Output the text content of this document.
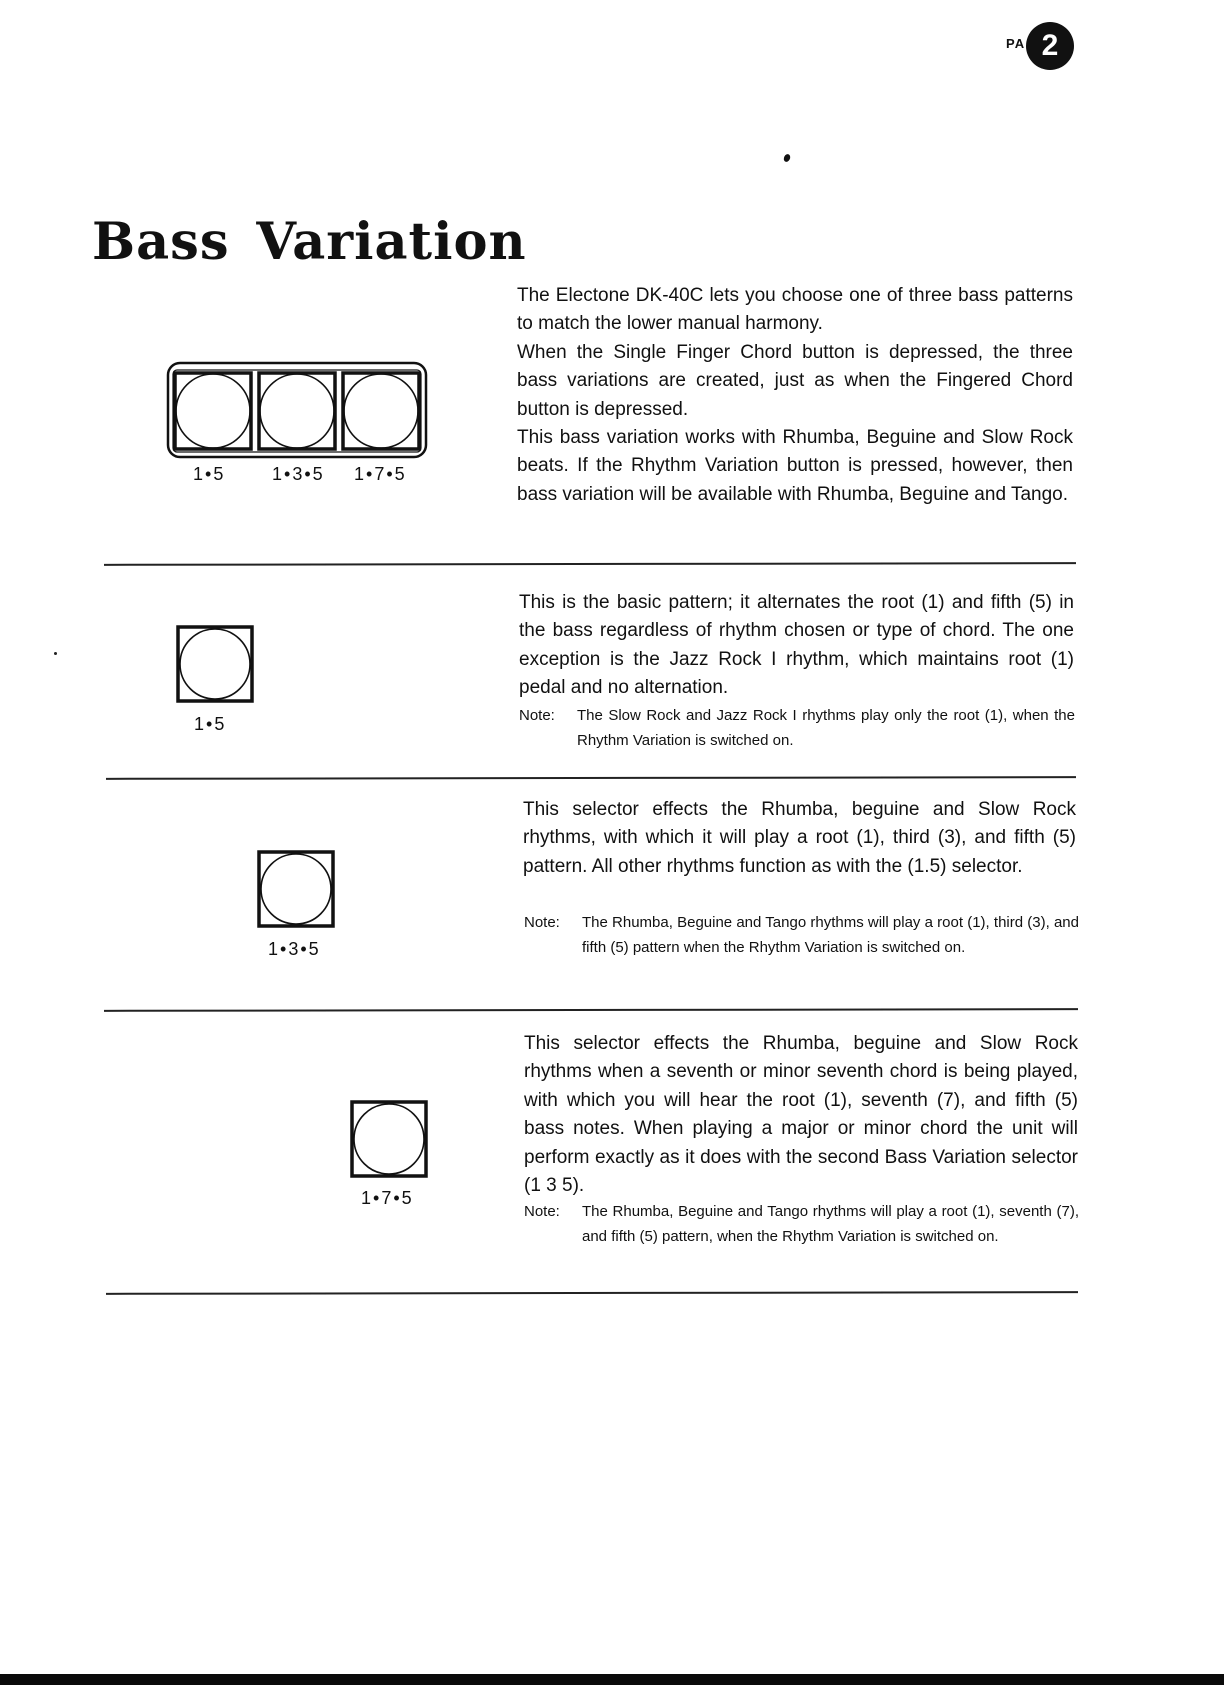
PA 2
Bass Variation
1•5	1•3•5 1•7•5

The Electone DK-40C lets you choose one of three bass patterns to match the lower manual harmony.

When the Single Finger Chord button is depressed, the three bass variations are created, just as when the Fingered Chord button is depressed.

This bass variation works with Rhumba, Beguine and Slow Rock beats. If the Rhythm Variation button is pressed, however, then bass variation will be available with Rhumba, Beguine and Tango.

1•5
This is the basic pattern; it alternates the root (1) and fifth (5) in the bass regardless of rhythm chosen or type of chord. The one exception is the Jazz Rock I rhythm, which maintains root (1) pedal and no alternation.
Note: The Slow Rock and Jazz Rock I rhythms play only the root (1), when the Rhythm Variation is switched on.
1•3•5
This selector effects the Rhumba, beguine and Slow Rock rhythms, with which it will play a root (1), third (3), and fifth (5) pattern. All other rhythms function as with the (1.5) selector.
Note: The Rhumba, Beguine and Tango rhythms will play a root (1), third (3), and fifth (5) pattern when the Rhythm Variation is switched on.
1•7•5
This selector effects the Rhumba, beguine and Slow Rock rhythms when a seventh or minor seventh chord is being played, with which you will hear the root (1), seventh (7), and fifth (5) bass notes. When playing a major or minor chord the unit will perform exactly as it does with the second Bass Variation selector (1 3 5).
Note: The Rhumba, Beguine and Tango rhythms will play a root (1), seventh (7), and fifth (5) pattern, when the Rhythm Variation is switched on.
